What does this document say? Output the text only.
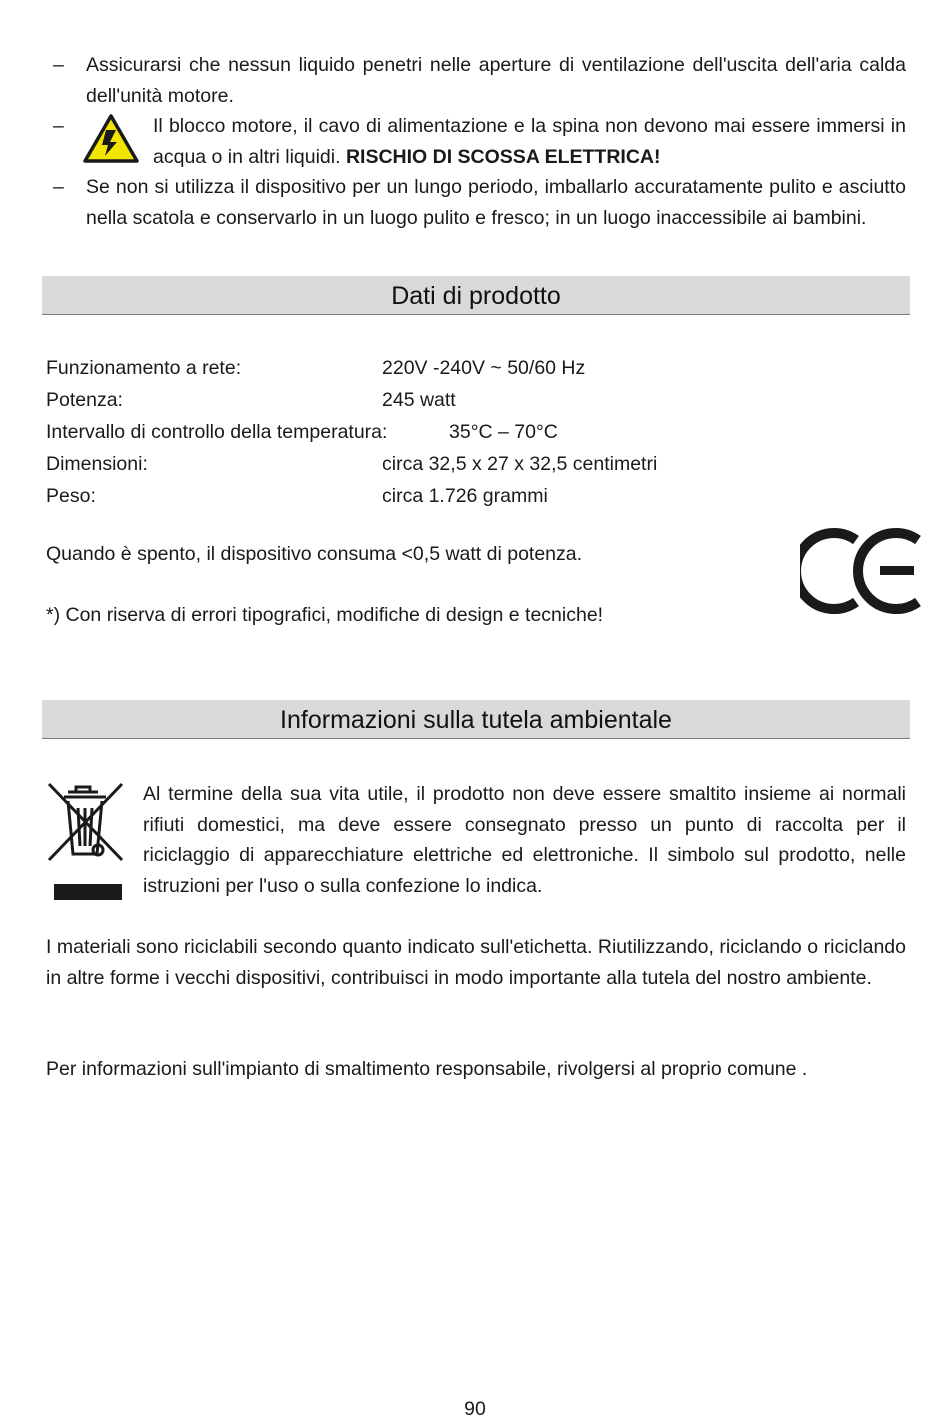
–	Assicurarsi che nessun liquido penetri nelle aperture di ventilazione dell'uscita dell'aria calda dell'unità motore.
–	Il blocco motore, il cavo di alimentazione e la spina non devono mai essere immersi in acqua o in altri liquidi. RISCHIO DI SCOSSA ELETTRICA!
–	Se non si utilizza il dispositivo per un lungo periodo, imballarlo accuratamente pulito e asciutto nella scatola e conservarlo in un luogo pulito e fresco; in un luogo inaccessibile ai bambini.
Dati di prodotto
Funzionamento a rete:	220V -240V ~ 50/60 Hz
Potenza:	245 watt
Intervallo di controllo della temperatura:	35°C – 70°C
Dimensioni:	circa 32,5 x 27 x 32,5 centimetri
Peso:	circa 1.726 grammi
Quando è spento, il dispositivo consuma <0,5 watt di potenza.
*) Con riserva di errori tipografici, modifiche di design e tecniche!
Informazioni sulla tutela ambientale
Al termine della sua vita utile, il prodotto non deve essere smaltito insieme ai normali rifiuti domestici, ma deve essere consegnato presso un punto di raccolta per il riciclaggio di apparecchiature elettriche ed elettroniche. Il simbolo sul prodotto, nelle istruzioni per l'uso o sulla confezione lo indica.
I materiali sono riciclabili secondo quanto indicato sull'etichetta. Riutilizzando, riciclando o riciclando in altre forme i vecchi dispositivi, contribuisci in modo importante alla tutela del nostro ambiente.
Per informazioni sull'impianto di smaltimento responsabile, rivolgersi al proprio comune .
90
